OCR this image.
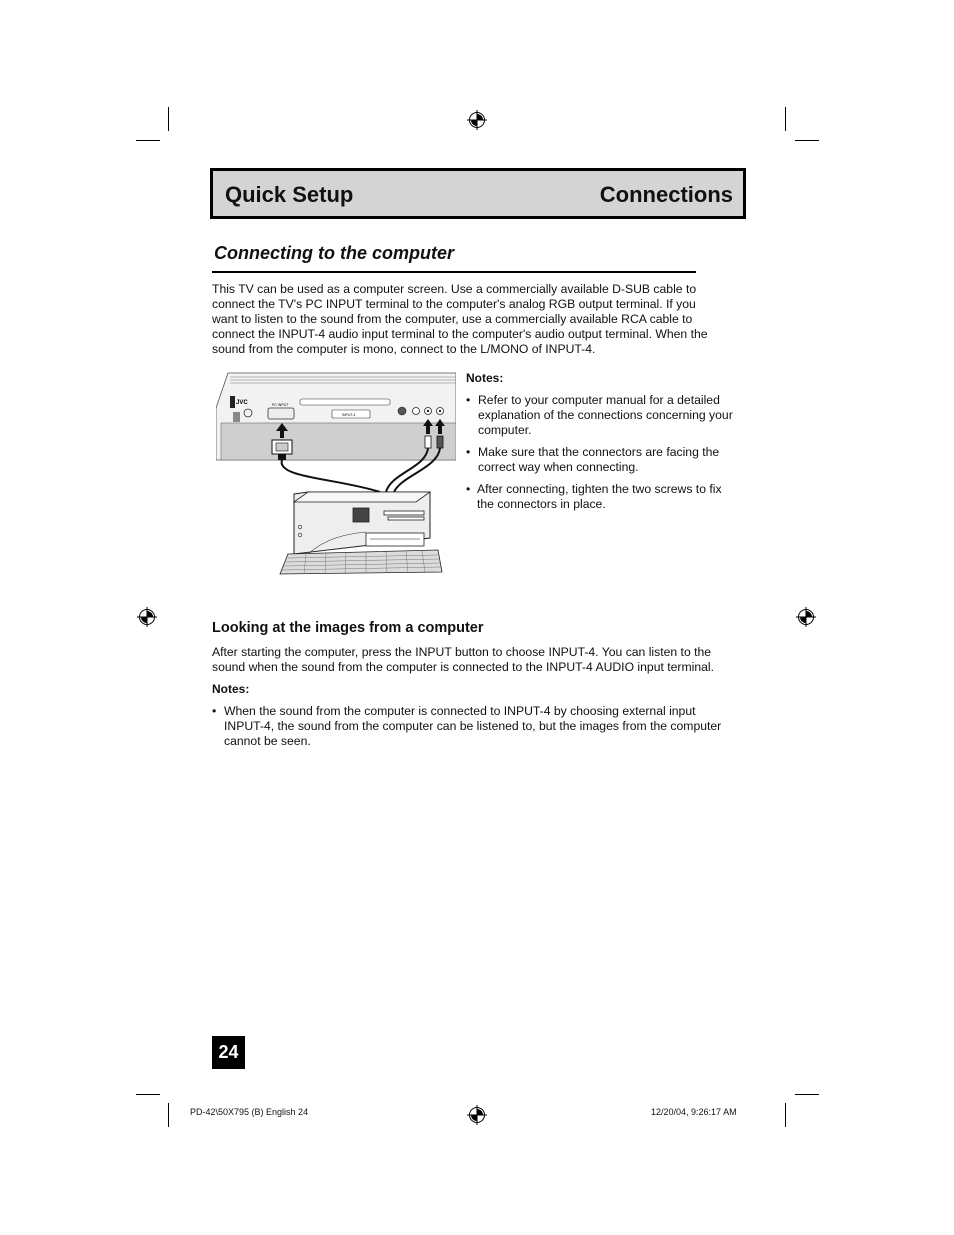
Quick Setup	Connections
Connecting to the computer
This TV can be used as a computer screen. Use a commercially available D-SUB cable to
connect the TV's PC INPUT terminal to the computer's analog RGB output terminal. If you
want to listen to the sound from the computer, use a commercially available RCA cable to
connect the INPUT-4 audio input terminal to the computer's audio output terminal. When the
sound from the computer is mono, connect to the L/MONO of INPUT-4.
JVC	PC INPUT
INPUT-4
Notes:
• Refer to your computer manual for a detailed
explanation of the connections concerning your
computer.
• Make sure that the connectors are facing the
correct way when connecting.
• After connecting, tighten the two screws to fix
the connectors in place.
Looking at the images from a computer
After starting the computer, press the INPUT button to choose INPUT-4. You can listen to the
sound when the sound from the computer is connected to the INPUT-4 AUDIO input terminal.
Notes:
• When the sound from the computer is connected to INPUT-4 by choosing external input
INPUT-4, the sound from the computer can be listened to, but the images from the computer
cannot be seen.
24
PD-42\50X795 (B) English 24	12/20/04, 9:26:17 AM
